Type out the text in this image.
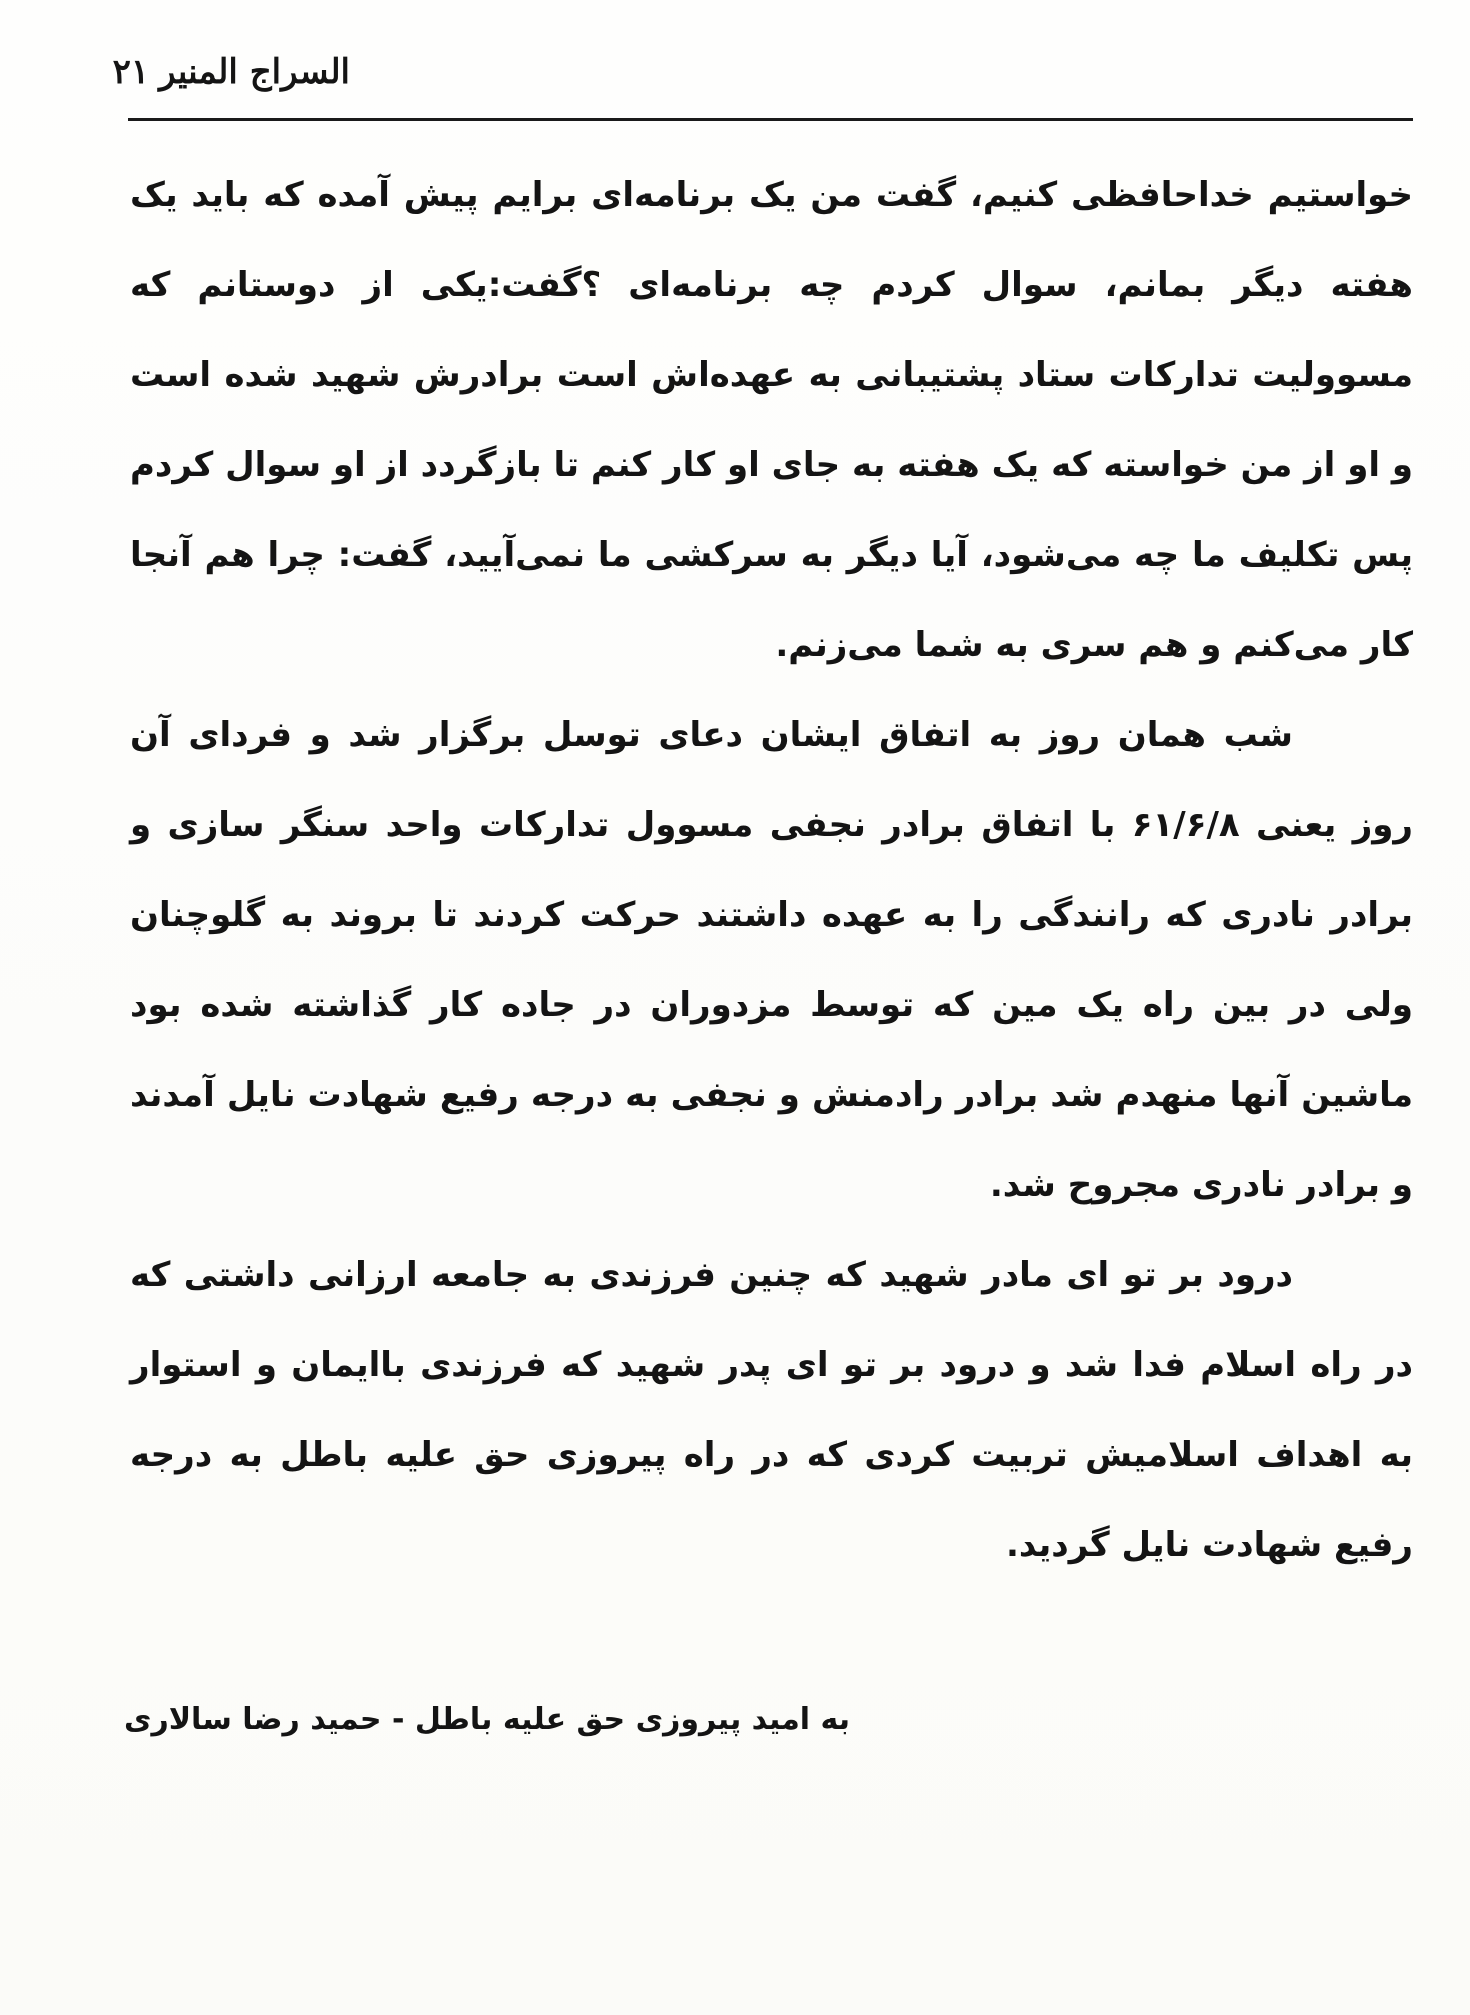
السراج المنیر۲۱

خواستیم خداحافظی کنیم، گفت من یک برنامه‌ای برایم پیش آمده که باید یک هفته دیگر بمانم، سوال کردم چه برنامه‌ای ؟گفت:یکی از دوستانم که مسوولیت تدارکات ستاد پشتیبانی به عهده‌اش است برادرش شهید شده است و او از من خواسته که یک هفته به جای او کار کنم تا بازگردد از او سوال کردم پس تکلیف ما چه می‌شود، آیا دیگر به سرکشی ما نمی‌آیید، گفت: چرا هم آنجا کار می‌کنم و هم سری به شما می‌زنم.

شب همان روز به اتفاق ایشان دعای توسل برگزار شد و فردای آن روز یعنی ۶۱/۶/۸ با اتفاق برادر نجفی مسوول تدارکات واحد سنگر سازی و برادر نادری که رانندگی را به عهده داشتند حرکت کردند تا بروند به گلوچنان ولی در بین راه یک مین که توسط مزدوران در جاده کار گذاشته شده بود ماشین آنها منهدم شد برادر رادمنش و نجفی به درجه رفیع شهادت نایل آمدند و برادر نادری مجروح شد.

درود بر تو ای مادر شهید که چنین فرزندی به جامعه ارزانی داشتی که در راه اسلام فدا شد و درود بر تو ای پدر شهید که فرزندی باایمان و استوار به اهداف اسلامیش تربیت کردی که در راه پیروزی حق علیه باطل به درجه رفیع شهادت نایل گردید.

به امید پیروزی حق علیه باطل - حمید رضا سالاری
